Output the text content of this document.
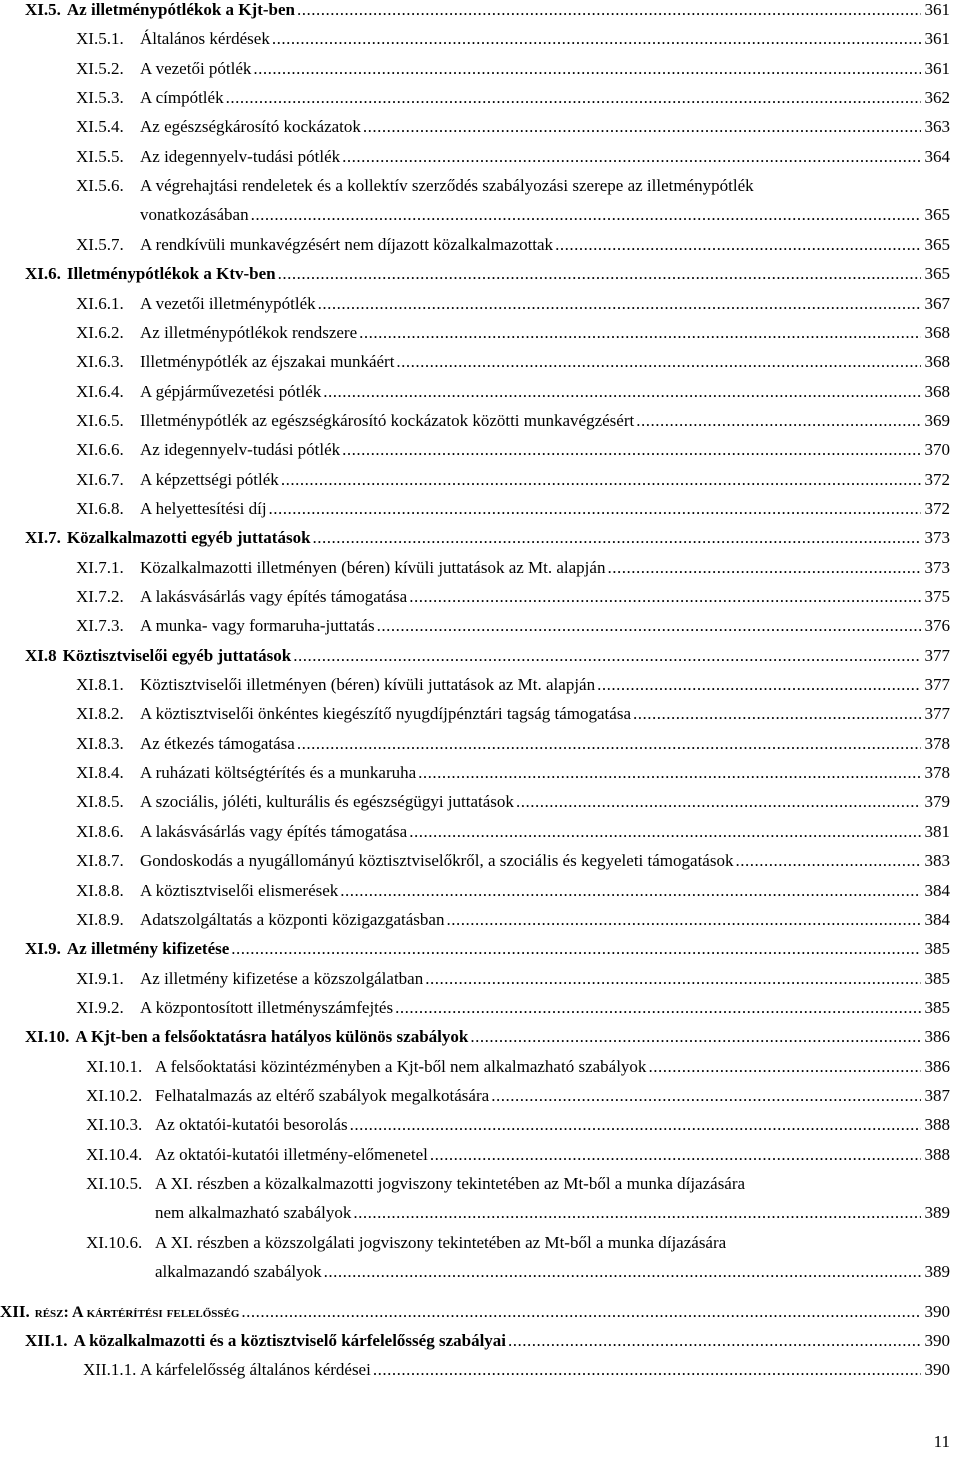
XI.5. Az illetménypótlékok a Kjt-ben .....	361
XI.5.1. Általános kérdések .....	361
XI.5.2. A vezetői pótlék .....	361
XI.5.3. A címpótlék .....	362
XI.5.4. Az egészségkárosító kockázatok .....	363
XI.5.5. Az idegennyelv-tudási pótlék .....	364
XI.5.6. A végrehajtási rendeletek és a kollektív szerződés szabályozási szerepe az illetménypótlék
vonatkozásában .....	365
XI.5.7. A rendkívüli munkavégzésért nem díjazott közalkalmazottak .....	365
XI.6. Illetménypótlékok a Ktv-ben .....	365
XI.6.1. A vezetői illetménypótlék .....	367
XI.6.2. Az illetménypótlékok rendszere .....	368
XI.6.3. Illetménypótlék az éjszakai munkáért .....	368
XI.6.4. A gépjárművezetési pótlék .....	368
XI.6.5. Illetménypótlék az egészségkárosító kockázatok közötti munkavégzésért .....	369
XI.6.6. Az idegennyelv-tudási pótlék .....	370
XI.6.7. A képzettségi pótlék .....	372
XI.6.8. A helyettesítési díj .....	372
XI.7. Közalkalmazotti egyéb juttatások .....	373
XI.7.1. Közalkalmazotti illetményen (béren) kívüli juttatások az Mt. alapján .....	373
XI.7.2. A lakásvásárlás vagy építés támogatása .....	375
XI.7.3. A munka- vagy formaruha-juttatás .....	376
XI.8 Köztisztviselői egyéb juttatások .....	377
XI.8.1. Köztisztviselői illetményen (béren) kívüli juttatások az Mt. alapján .....	377
XI.8.2. A köztisztviselői önkéntes kiegészítő nyugdíjpénztári tagság támogatása .....	377
XI.8.3. Az étkezés támogatása .....	378
XI.8.4. A ruházati költségtérítés és a munkaruha .....	378
XI.8.5. A szociális, jóléti, kulturális és egészségügyi juttatások .....	379
XI.8.6. A lakásvásárlás vagy építés támogatása .....	381
XI.8.7. Gondoskodás a nyugállományú köztisztviselőkről, a szociális és kegyeleti támogatások .....	383
XI.8.8. A köztisztviselői elismerések .....	384
XI.8.9. Adatszolgáltatás a központi közigazgatásban .....	384
XI.9. Az illetmény kifizetése .....	385
XI.9.1. Az illetmény kifizetése a közszolgálatban .....	385
XI.9.2. A központosított illetményszámfejtés .....	385
XI.10. A Kjt-ben a felsőoktatásra hatályos különös szabályok .....	386
XI.10.1. A felsőoktatási közintézményben a Kjt-ből nem alkalmazható szabályok .....	386
XI.10.2. Felhatalmazás az eltérő szabályok megalkotására .....	387
XI.10.3. Az oktatói-kutatói besorolás .....	388
XI.10.4. Az oktatói-kutatói illetmény-előmenetel .....	388
XI.10.5. A XI. részben a közalkalmazotti jogviszony tekintetében az Mt-ből a munka díjazására
nem alkalmazható szabályok .....	389
XI.10.6. A XI. részben a közszolgálati jogviszony tekintetében az Mt-ből a munka díjazására
alkalmazandó szabályok .....	389
XII. rész: A kártérítési felelősség .....	390
XII.1. A közalkalmazotti és a köztisztviselő kárfelelősség szabályai .....	390
XII.1.1. A kárfelelősség általános kérdései .....	390
11
